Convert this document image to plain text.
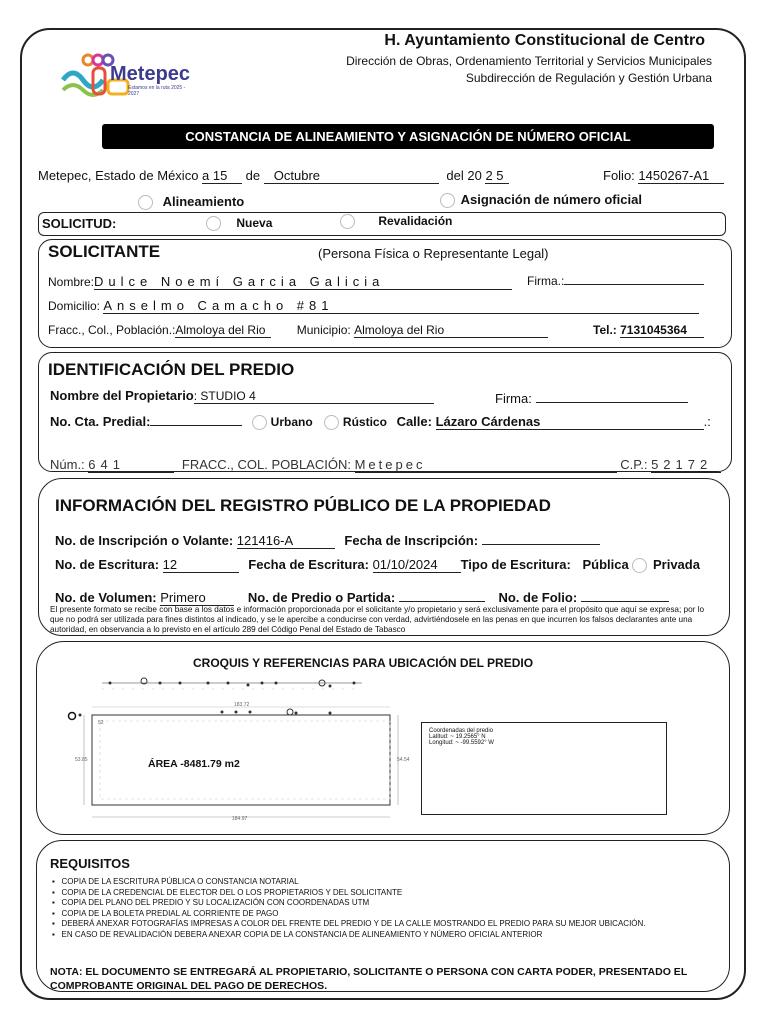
Metepec
Estamos en la ruta 2025 - 2027
H. Ayuntamiento Constitucional de Centro
Dirección de Obras, Ordenamiento Territorial y Servicios Municipales
Subdirección de Regulación y Gestión Urbana
CONSTANCIA DE ALINEAMIENTO Y ASIGNACIÓN DE NÚMERO OFICIAL
Metepec, Estado de México a 15 de Octubre	del 20 2 5	Folio: 1450267-A1
Alineamiento	Asignación de número oficial
SOLICITUD:	Nueva	Revalidación
SOLICITANTE	(Persona Física o Representante Legal)
Nombre:Dulce Noemí Garcia Galicia	Firma.:
Domicilio: Anselmo Camacho #81
Fracc., Col., Población.:Almoloya del Rio	Municipio: Almoloya del Rio	Tel.: 7131045364
IDENTIFICACIÓN DEL PREDIO
Nombre del Propietario: STUDIO 4	Firma:
No. Cta. Predial:	Urbano	Rústico Calle: Lázaro Cárdenas	.:
Núm.: 641	FRACC., COL. POBLACIÓN: Metepec	C.P.: 52172
INFORMACIÓN DEL REGISTRO PÚBLICO DE LA PROPIEDAD
No. de Inscripción o Volante: 121416-A	Fecha de Inscripción:
No. de Escritura: 12	Fecha de Escritura: 01/10/2024 Tipo de Escritura: Pública Privada
No. de Volumen: Primero	No. de Predio o Partida:	No. de Folio:
El presente formato se recibe con base a los datos e información proporcionada por el solicitante y/o propietario y será exclusivamente para el propósito que aquí se expresa; por lo que no podrá ser utilizada para fines distintos al indicado, y se le apercibe a conducirse con verdad, advirtiéndosele en las penas en que incurren los falsos declarantes ante una autoridad, en observancia a lo previsto en el artículo 289 del Código Penal del Estado de Tabasco
CROQUIS Y REFERENCIAS PARA UBICACIÓN DEL PREDIO
183.72
52
53.85	54.54
184.97
ÁREA -8481.79 m2
Coordenadas del predio
Latitud: ~ 19.2565° N
Longitud: ~ -99.5592° W
REQUISITOS
▪   COPIA DE LA ESCRITURA PÚBLICA O CONSTANCIA NOTARIAL
▪   COPIA DE LA CREDENCIAL DE ELECTOR DEL O LOS PROPIETARIOS Y DEL SOLICITANTE
▪   COPIA DEL PLANO DEL PREDIO Y SU LOCALIZACIÓN CON COORDENADAS UTM
▪   COPIA DE LA BOLETA PREDIAL AL CORRIENTE DE PAGO
▪   DEBERÁ ANEXAR FOTOGRAFÍAS IMPRESAS A COLOR DEL FRENTE DEL PREDIO Y DE LA CALLE MOSTRANDO EL PREDIO PARA SU MEJOR UBICACIÓN.
▪   EN CASO DE REVALIDACIÓN DEBERA ANEXAR COPIA DE LA CONSTANCIA DE ALINEAMIENTO Y NÚMERO OFICIAL ANTERIOR
NOTA: EL DOCUMENTO SE ENTREGARÁ AL PROPIETARIO, SOLICITANTE O PERSONA CON CARTA PODER, PRESENTADO EL COMPROBANTE ORIGINAL DEL PAGO DE DERECHOS.
